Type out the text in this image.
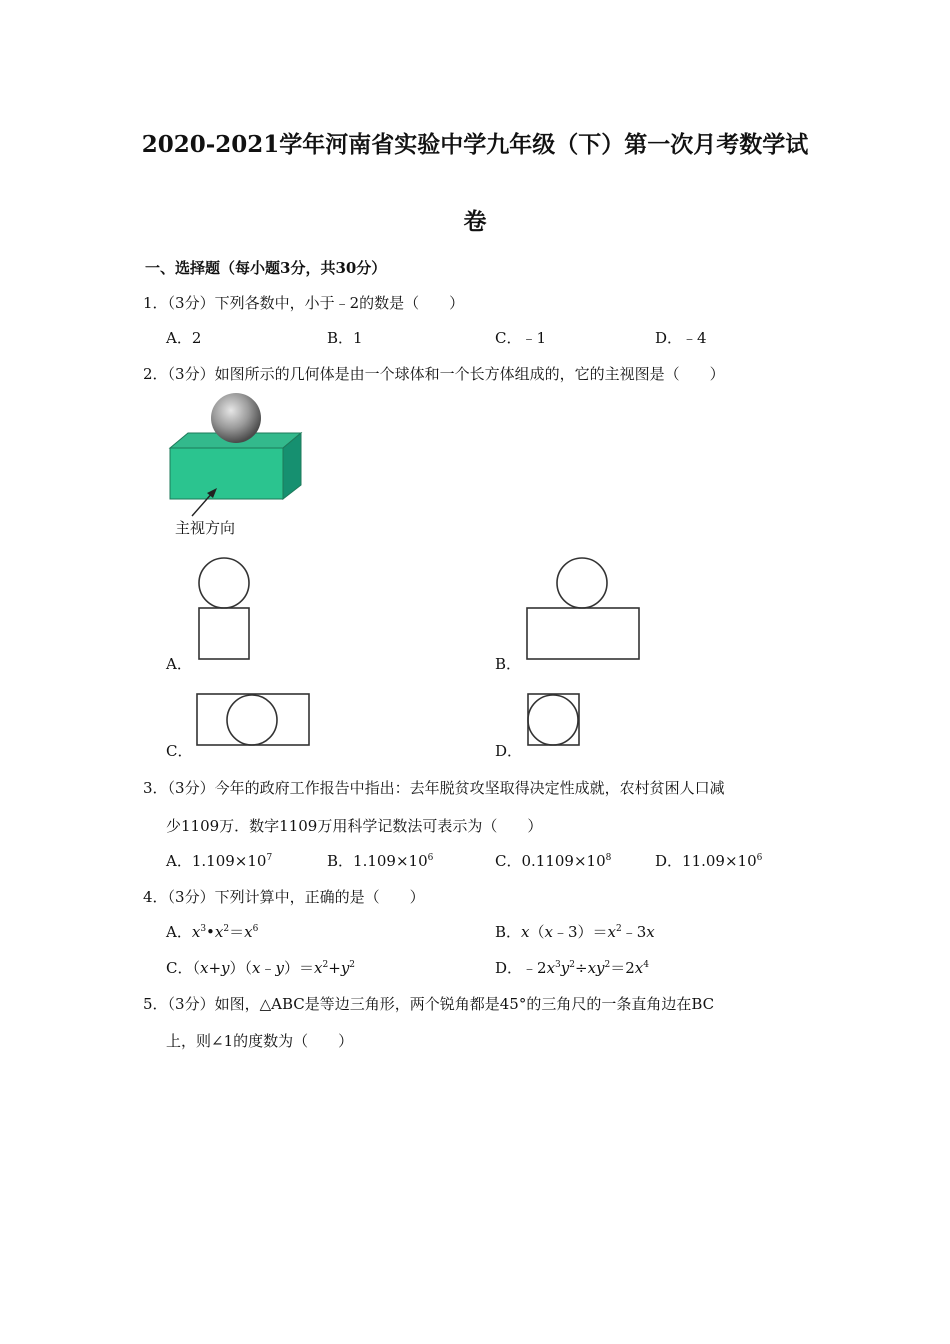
2020-2021学年河南省实验中学九年级（下）第一次月考数学试
卷
一、选择题（每小题3分，共30分）
1．（3分）下列各数中，小于﹣2的数是（　　）
A．2	B．1	C．﹣1	D．﹣4
2．（3分）如图所示的几何体是由一个球体和一个长方体组成的，它的主视图是（　　）
主视方向
A．	B．
C．	D．
3．（3分）今年的政府工作报告中指出：去年脱贫攻坚取得决定性成就，农村贫困人口减
少1109万．数字1109万用科学记数法可表示为（　　）
A．$1.109\times 10^7$	B．$1.109\times 10^6$	C．$0.1109\times 10^8$	D．$11.09\times 10^6$
4．（3分）下列计算中，正确的是（　　）
A．$x^3•x^2=x^6$	B．$x(x﹣3)=x^2﹣3x$
C．$(x+y)(x﹣y)=x^2+y^2$	D．$﹣2x^3y^2\div xy^2=2x^4$
5．（3分）如图，△ABC是等边三角形，两个锐角都是45°的三角尺的一条直角边在BC
上，则∠1的度数为（　　）
